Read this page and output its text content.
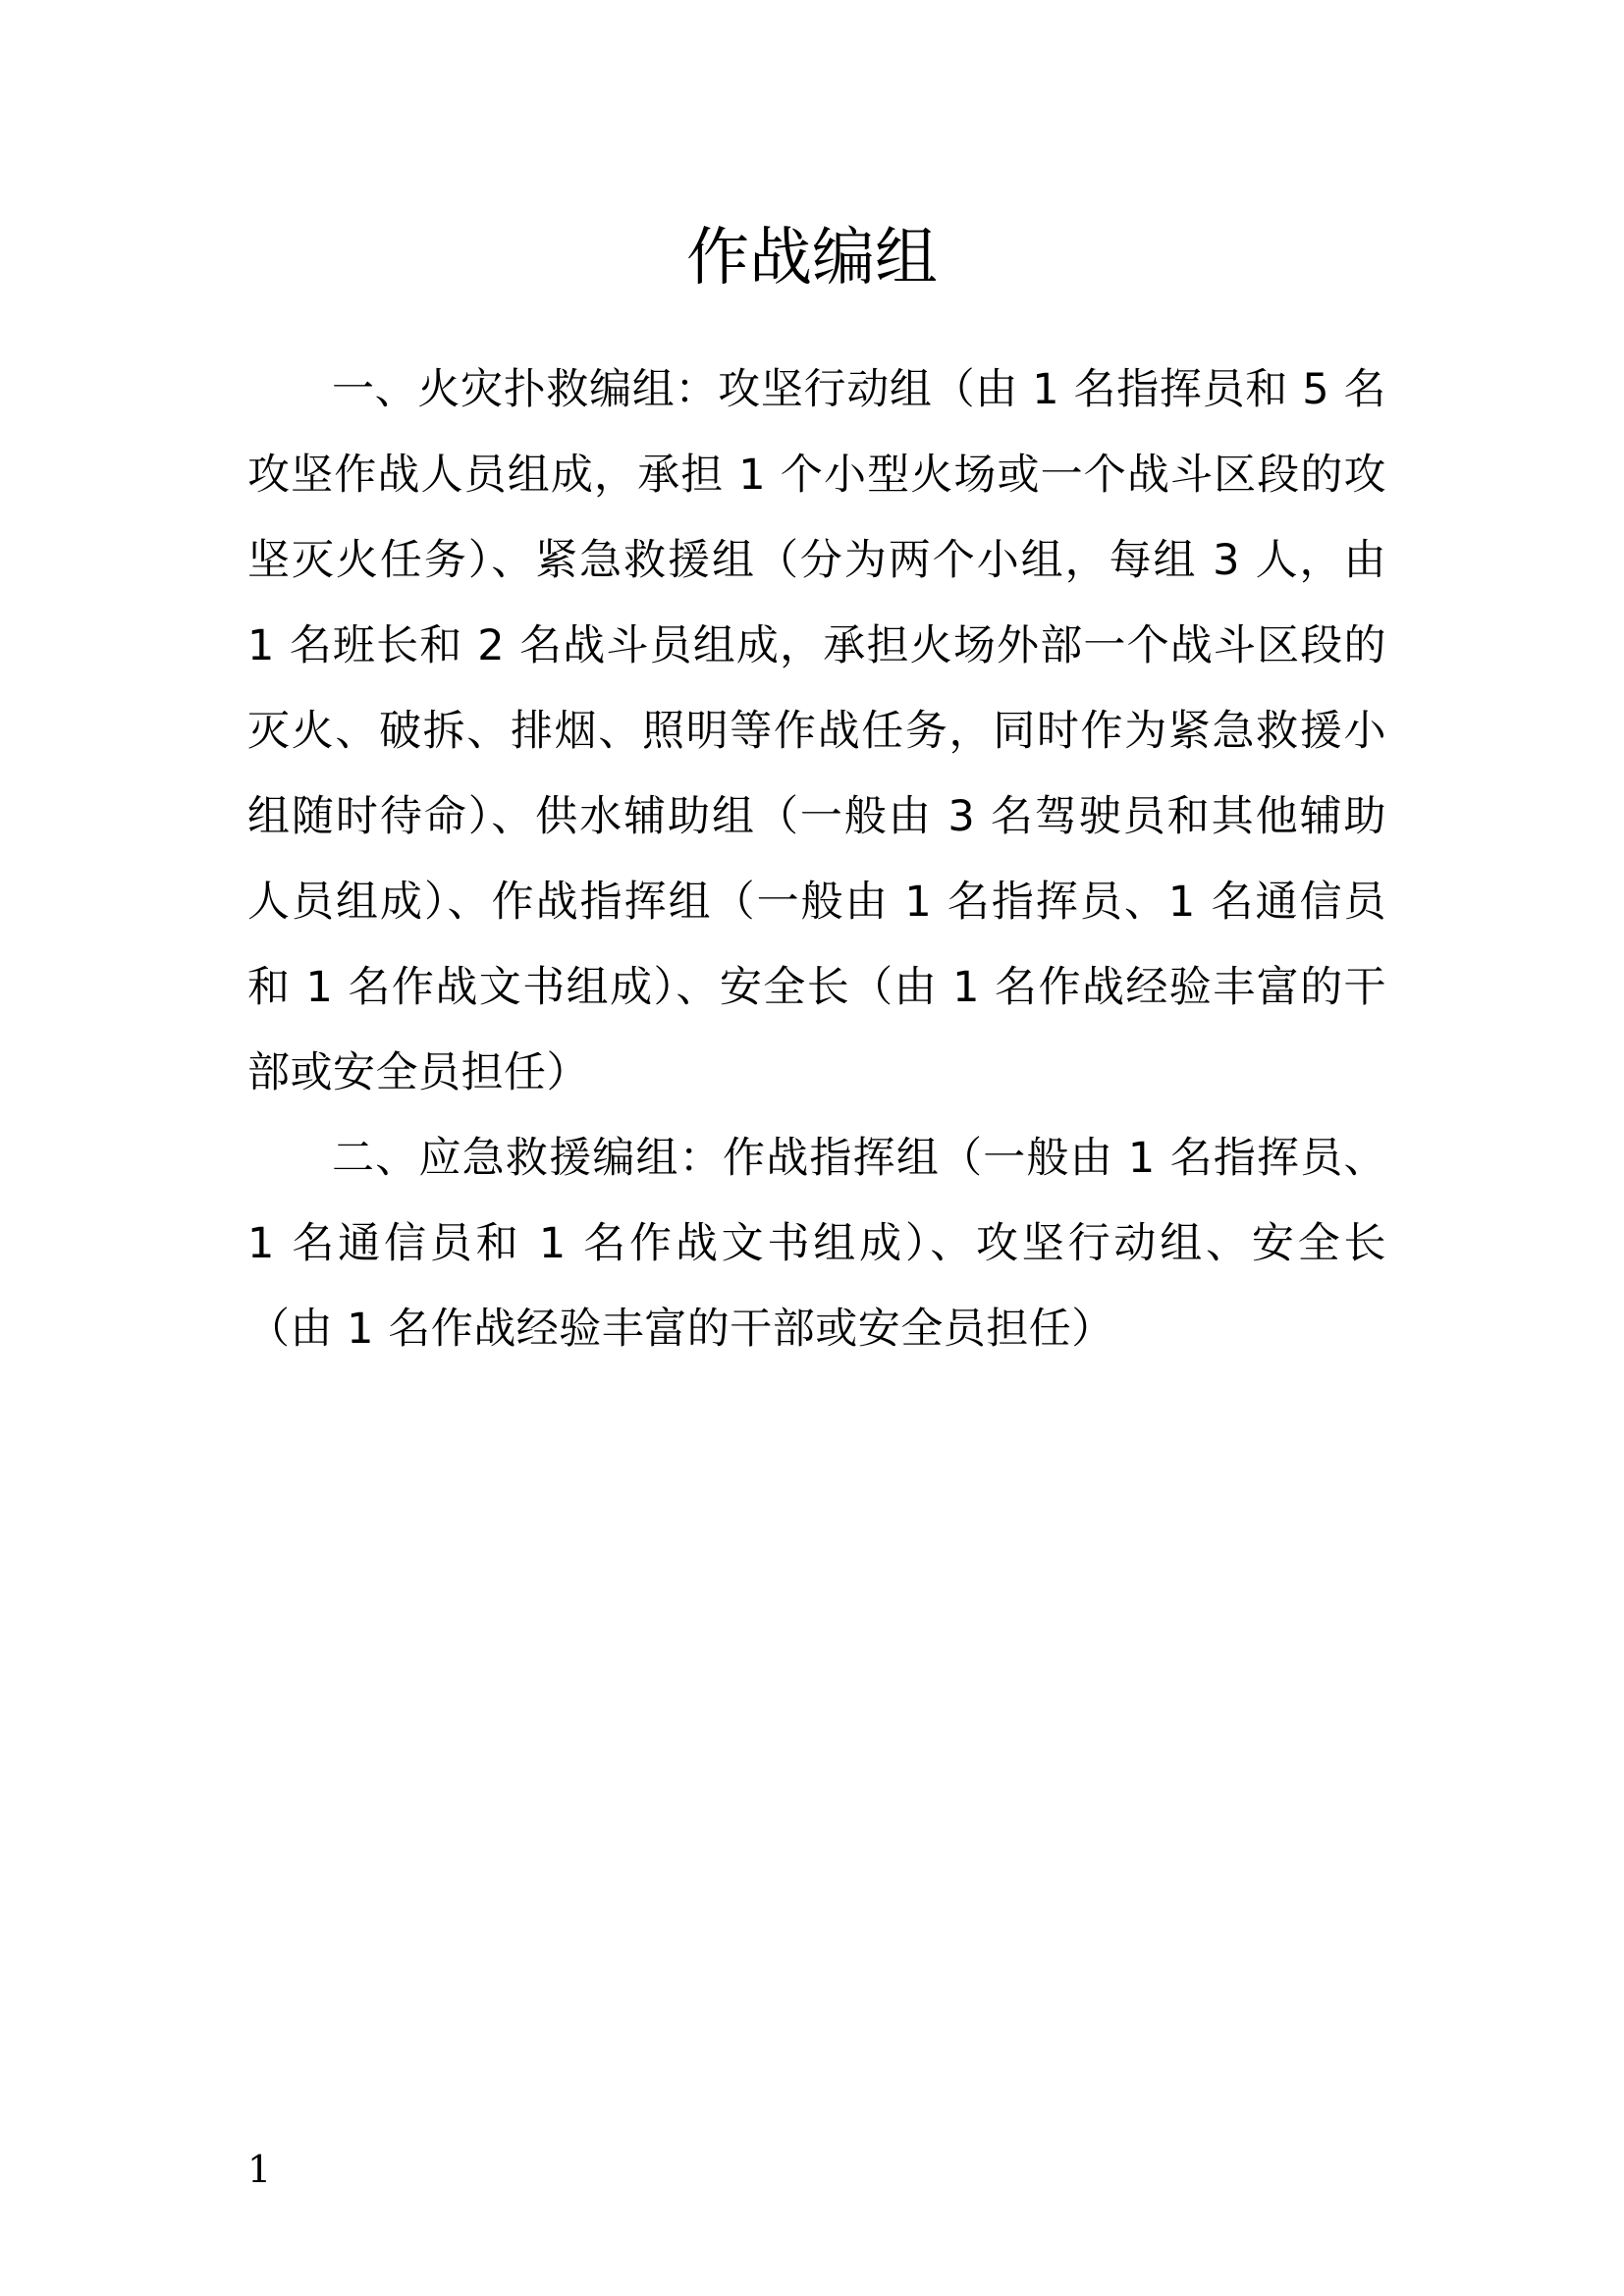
作战编组

一、火灾扑救编组：攻坚行动组（由 1 名指挥员和 5 名攻坚作战人员组成，承担 1 个小型火场或一个战斗区段的攻坚灭火任务）、紧急救援组（分为两个小组，每组 3 人，由 1 名班长和 2 名战斗员组成，承担火场外部一个战斗区段的灭火、破拆、排烟、照明等作战任务，同时作为紧急救援小组随时待命）、供水辅助组（一般由 3 名驾驶员和其他辅助人员组成）、作战指挥组（一般由 1 名指挥员、1 名通信员和 1 名作战文书组成）、安全长（由 1 名作战经验丰富的干部或安全员担任）

二、应急救援编组：作战指挥组（一般由 1 名指挥员、1 名通信员和 1 名作战文书组成）、攻坚行动组、安全长（由 1 名作战经验丰富的干部或安全员担任）

1
